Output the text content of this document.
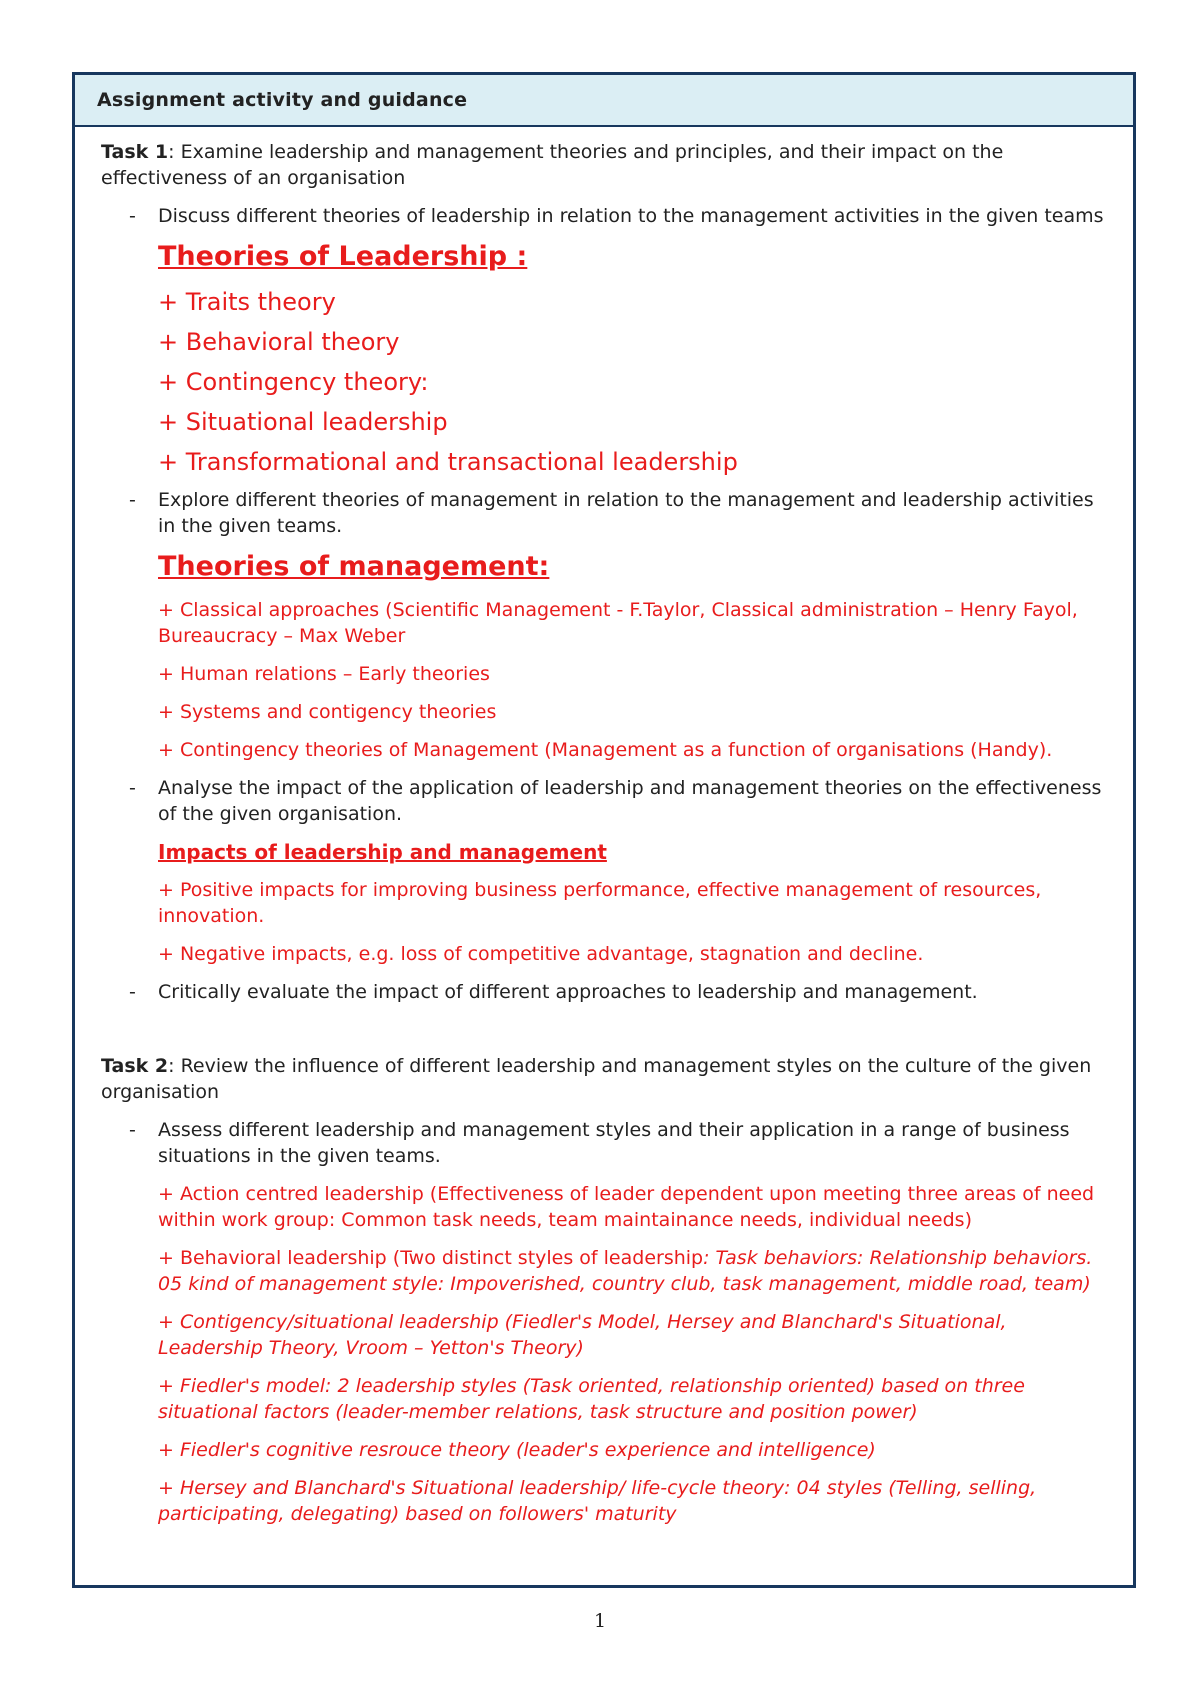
Assignment activity and guidance

Task 1: Examine leadership and management theories and principles, and their impact on the effectiveness of an organisation

- Discuss different theories of leadership in relation to the management activities in the given teams
Theories of Leadership :
+ Traits theory
+ Behavioral theory
+ Contingency theory:
+ Situational leadership
+ Transformational and transactional leadership
- Explore different theories of management in relation to the management and leadership activities in the given teams.
Theories of management:
+ Classical approaches (Scientific Management - F.Taylor, Classical administration – Henry Fayol, Bureaucracy – Max Weber
+ Human relations – Early theories
+ Systems and contigency theories
+ Contingency theories of Management (Management as a function of organisations (Handy).
- Analyse the impact of the application of leadership and management theories on the effectiveness of the given organisation.
Impacts of leadership and management
+ Positive impacts for improving business performance, effective management of resources, innovation.
+ Negative impacts, e.g. loss of competitive advantage, stagnation and decline.
- Critically evaluate the impact of different approaches to leadership and management.

Task 2: Review the influence of different leadership and management styles on the culture of the given organisation

- Assess different leadership and management styles and their application in a range of business situations in the given teams.
+ Action centred leadership (Effectiveness of leader dependent upon meeting three areas of need within work group: Common task needs, team maintainance needs, individual needs)
+ Behavioral leadership (Two distinct styles of leadership: Task behaviors: Relationship behaviors. 05 kind of management style: Impoverished, country club, task management, middle road, team)
+ Contigency/situational leadership (Fiedler's Model, Hersey and Blanchard's Situational, Leadership Theory, Vroom – Yetton's Theory)
+ Fiedler's model: 2 leadership styles (Task oriented, relationship oriented) based on three situational factors (leader-member relations, task structure and position power)
+ Fiedler's cognitive resrouce theory (leader's experience and intelligence)
+ Hersey and Blanchard's Situational leadership/ life-cycle theory: 04 styles (Telling, selling, participating, delegating) based on followers' maturity
1
